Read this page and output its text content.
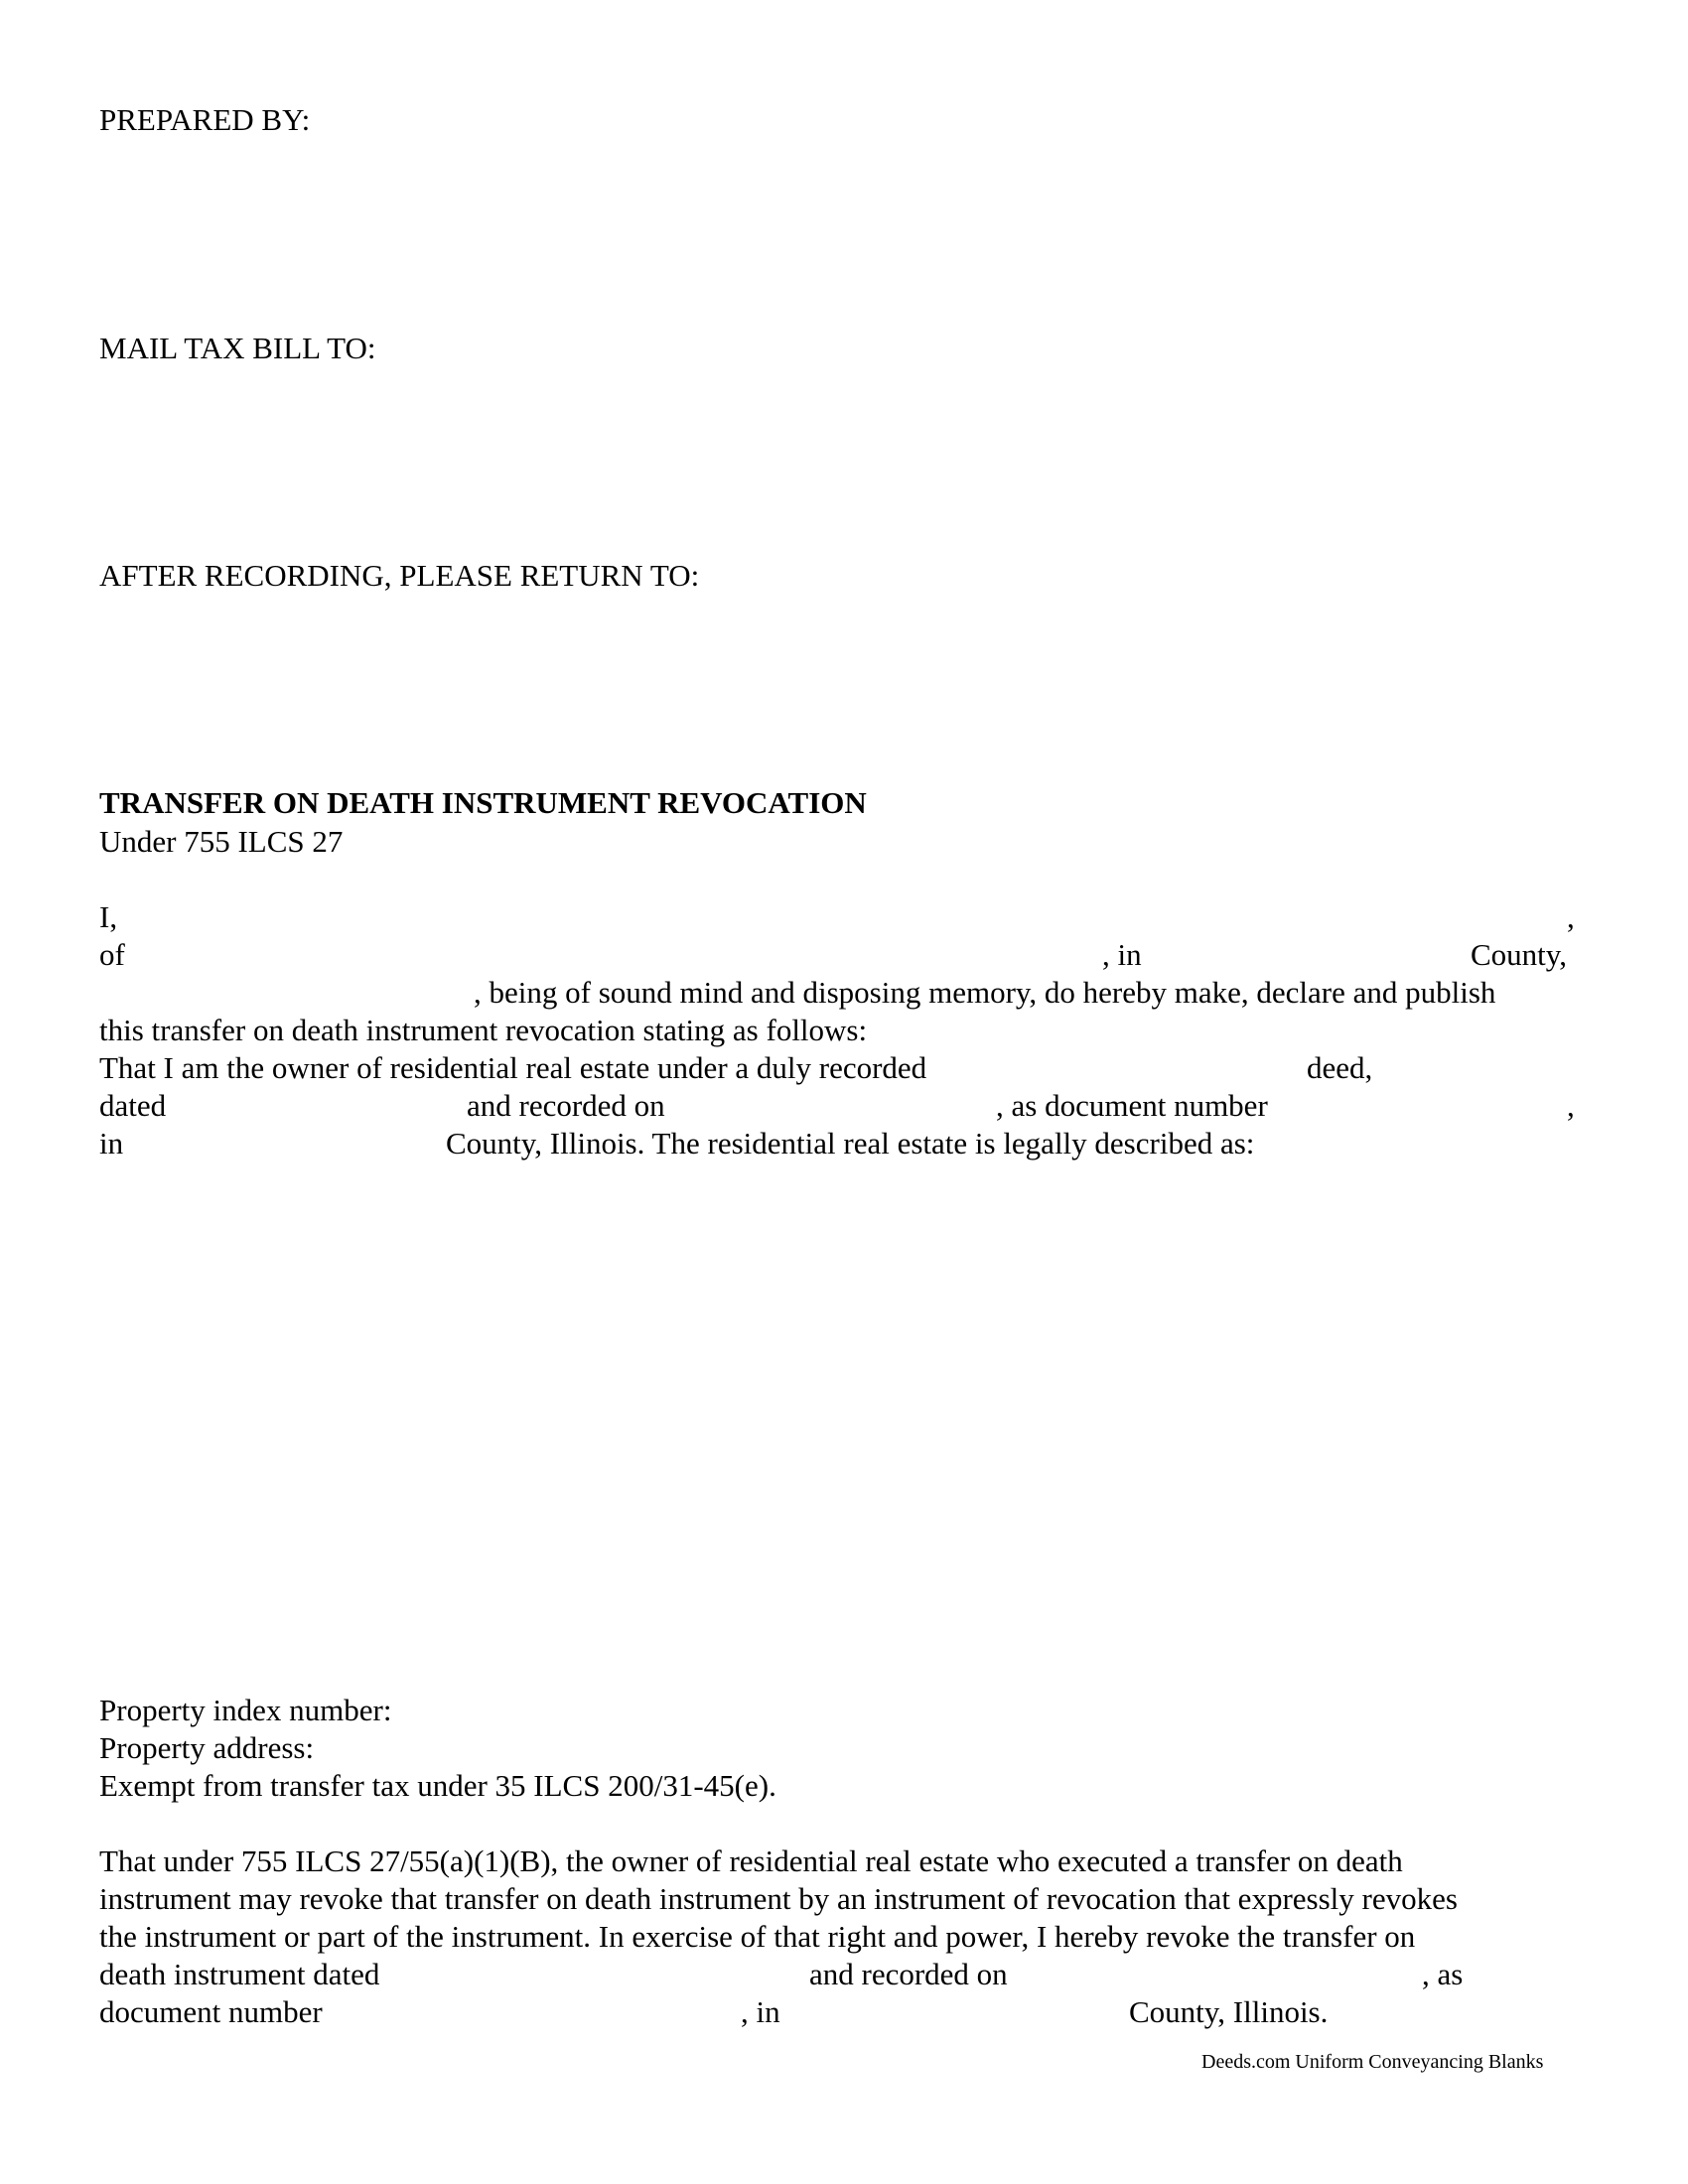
PREPARED BY:

MAIL TAX BILL TO:

AFTER RECORDING, PLEASE RETURN TO:

TRANSFER ON DEATH INSTRUMENT REVOCATION

Under 755 ILCS 27

I,	,
of	, in	County,
, being of sound mind and disposing memory, do hereby make, declare and publish
this transfer on death instrument revocation stating as follows:
That I am the owner of residential real estate under a duly recorded	deed,
dated	and recorded on	, as document number	,
in	County, Illinois. The residential real estate is legally described as:

Property index number:

Property address:

Exempt from transfer tax under 35 ILCS 200/31-45(e).

That under 755 ILCS 27/55(a)(1)(B), the owner of residential real estate who executed a transfer on death

instrument may revoke that transfer on death instrument by an instrument of revocation that expressly revokes

the instrument or part of the instrument. In exercise of that right and power, I hereby revoke the transfer on

death instrument dated	and recorded on	, as
document number	, in	County, Illinois.
Deeds.com Uniform Conveyancing Blanks
